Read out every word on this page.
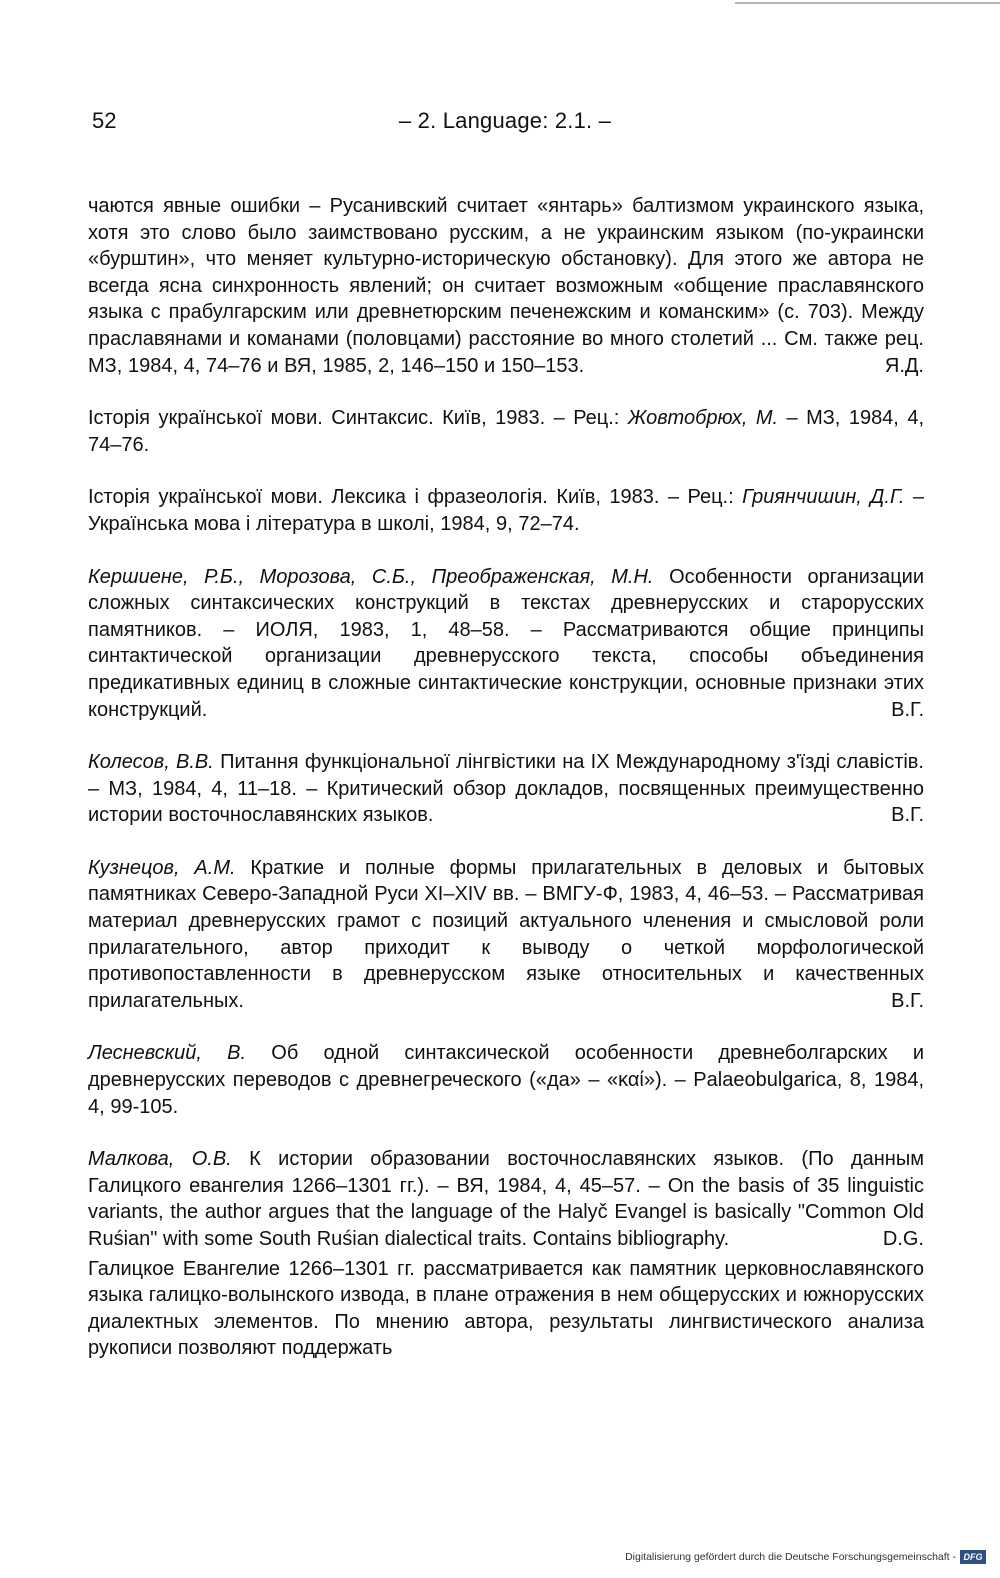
52	– 2. Language: 2.1. –

чаются явные ошибки – Русанивский считает «янтарь» балтизмом украинского языка, хотя это слово было заимствовано русским, а не украинским языком (по-украински «бурштин», что меняет культурно-историческую обстановку). Для этого же автора не всегда ясна синхронность явлений; он считает возможным «общение праславянского языка с прабулгарским или древнетюрским печенежским и команским» (с. 703). Между праславянами и команами (половцами) расстояние во много столетий ... См. также рец. МЗ, 1984, 4, 74–76 и ВЯ, 1985, 2, 146–150 и 150–153.	Я.Д.

Історія української мови. Синтаксис. Київ, 1983. – Рец.: Жовтобрюх, М. – МЗ, 1984, 4, 74–76.

Історія української мови. Лексика і фразеологія. Київ, 1983. – Рец.: Гриянчишин, Д.Г. – Українська мова і література в школі, 1984, 9, 72–74.

Кершиене, Р.Б., Морозова, С.Б., Преображенская, М.Н. Особенности организации сложных синтаксических конструкций в текстах древнерусских и старорусских памятников. – ИОЛЯ, 1983, 1, 48–58. – Рассматриваются общие принципы синтактической организации древнерусского текста, способы объединения предикативных единиц в сложные синтактические конструкции, основные признаки этих конструкций.	В.Г.

Колесов, В.В. Питання функціональної лінгвістики на IX Международному з'їзді славістів. – МЗ, 1984, 4, 11–18. – Критический обзор докладов, посвященных преимущественно истории восточнославянских языков.	В.Г.

Кузнецов, А.М. Краткие и полные формы прилагательных в деловых и бытовых памятниках Северо-Западной Руси XI–XIV вв. – ВМГУ-Ф, 1983, 4, 46–53. – Рассматривая материал древнерусских грамот с позиций актуального членения и смысловой роли прилагательного, автор приходит к выводу о четкой морфологической противопоставленности в древнерусском языке относительных и качественных прилагательных.	В.Г.

Лесневский, В. Об одной синтаксической особенности древнеболгарских и древнерусских переводов с древнегреческого («да» – «καί»). – Palaeobulgarica, 8, 1984, 4, 99-105.

Малкова, О.В. К истории образовании восточнославянских языков. (По данным Галицкого евангелия 1266–1301 гг.). – ВЯ, 1984, 4, 45–57. – On the basis of 35 linguistic variants, the author argues that the language of the Halyč Evangel is basically "Common Old Ruśian" with some South Ruśian dialectical traits. Contains bibliography.	D.G.

Галицкое Евангелие 1266–1301 гг. рассматривается как памятник церковнославянского языка галицко-волынского извода, в плане отражения в нем общерусских и южнорусских диалектных элементов. По мнению автора, результаты лингвистического анализа рукописи позволяют поддержать

Digitalisierung gefördert durch die Deutsche Forschungsgemeinschaft - DFG
